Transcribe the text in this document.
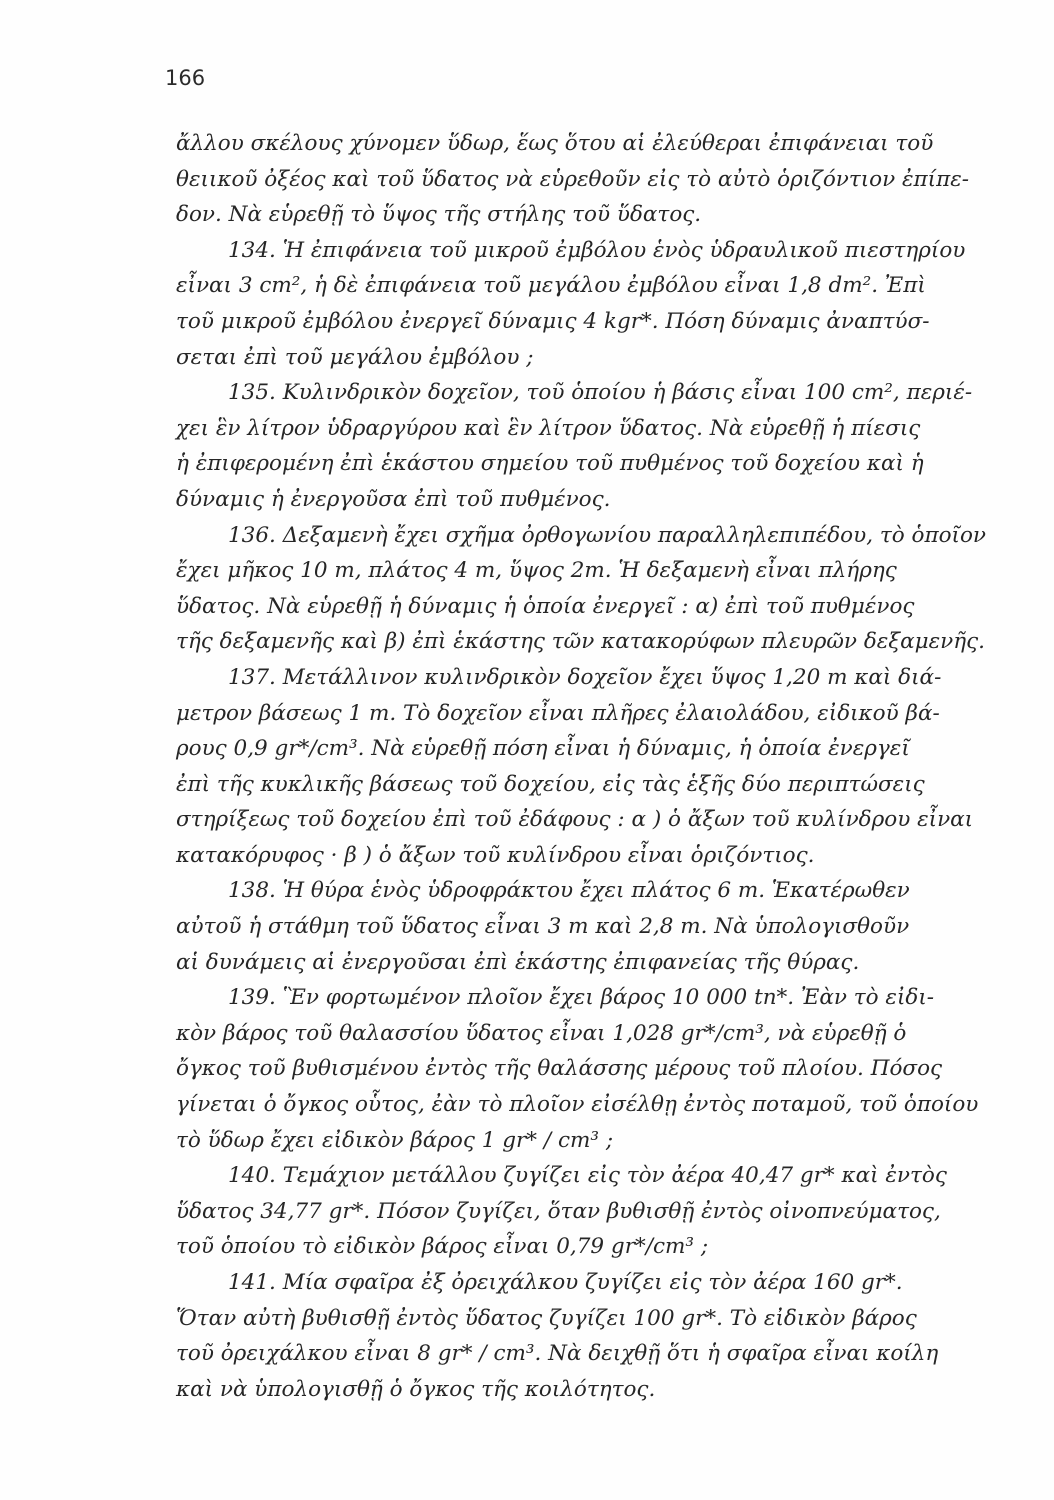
166
ἄλλου σκέλους χύνομεν ὕδωρ, ἕως ὅτου αἱ ἐλεύθεραι ἐπιφάνειαι τοῦ
θειικοῦ ὀξέος καὶ τοῦ ὕδατος νὰ εὑρεθοῦν εἰς τὸ αὐτὸ ὁριζόντιον ἐπίπε-
δον. Νὰ εὑρεθῇ τὸ ὕψος τῆς στήλης τοῦ ὕδατος.
134. Ἡ ἐπιφάνεια τοῦ μικροῦ ἐμβόλου ἑνὸς ὑδραυλικοῦ πιεστηρίου
εἶναι 3 cm², ἡ δὲ ἐπιφάνεια τοῦ μεγάλου ἐμβόλου εἶναι 1,8 dm². Ἐπὶ
τοῦ μικροῦ ἐμβόλου ἐνεργεῖ δύναμις 4 kgr*. Πόση δύναμις ἀναπτύσ-
σεται ἐπὶ τοῦ μεγάλου ἐμβόλου ;
135. Κυλινδρικὸν δοχεῖον, τοῦ ὁποίου ἡ βάσις εἶναι 100 cm², περιέ-
χει ἓν λίτρον ὑδραργύρου καὶ ἓν λίτρον ὕδατος. Νὰ εὑρεθῇ ἡ πίεσις
ἡ ἐπιφερομένη ἐπὶ ἑκάστου σημείου τοῦ πυθμένος τοῦ δοχείου καὶ ἡ
δύναμις ἡ ἐνεργοῦσα ἐπὶ τοῦ πυθμένος.
136. Δεξαμενὴ ἔχει σχῆμα ὀρθογωνίου παραλληλεπιπέδου, τὸ ὁποῖον
ἔχει μῆκος 10 m, πλάτος 4 m, ὕψος 2m. Ἡ δεξαμενὴ εἶναι πλήρης
ὕδατος. Νὰ εὑρεθῇ ἡ δύναμις ἡ ὁποία ἐνεργεῖ : α) ἐπὶ τοῦ πυθμένος
τῆς δεξαμενῆς καὶ β) ἐπὶ ἑκάστης τῶν κατακορύφων πλευρῶν δεξαμενῆς.
137. Μετάλλινον κυλινδρικὸν δοχεῖον ἔχει ὕψος 1,20 m καὶ διά-
μετρον βάσεως 1 m. Τὸ δοχεῖον εἶναι πλῆρες ἐλαιολάδου, εἰδικοῦ βά-
ρους 0,9 gr*/cm³. Νὰ εὑρεθῇ πόση εἶναι ἡ δύναμις, ἡ ὁποία ἐνεργεῖ
ἐπὶ τῆς κυκλικῆς βάσεως τοῦ δοχείου, εἰς τὰς ἑξῆς δύο περιπτώσεις
στηρίξεως τοῦ δοχείου ἐπὶ τοῦ ἐδάφους : α ) ὁ ἄξων τοῦ κυλίνδρου εἶναι
κατακόρυφος · β ) ὁ ἄξων τοῦ κυλίνδρου εἶναι ὁριζόντιος.
138. Ἡ θύρα ἑνὸς ὑδροφράκτου ἔχει πλάτος 6 m. Ἑκατέρωθεν
αὐτοῦ ἡ στάθμη τοῦ ὕδατος εἶναι 3 m καὶ 2,8 m. Νὰ ὑπολογισθοῦν
αἱ δυνάμεις αἱ ἐνεργοῦσαι ἐπὶ ἑκάστης ἐπιφανείας τῆς θύρας.
139. Ἓν φορτωμένον πλοῖον ἔχει βάρος 10 000 tn*. Ἐὰν τὸ εἰδι-
κὸν βάρος τοῦ θαλασσίου ὕδατος εἶναι 1,028 gr*/cm³, νὰ εὑρεθῇ ὁ
ὄγκος τοῦ βυθισμένου ἐντὸς τῆς θαλάσσης μέρους τοῦ πλοίου. Πόσος
γίνεται ὁ ὄγκος οὗτος, ἐὰν τὸ πλοῖον εἰσέλθῃ ἐντὸς ποταμοῦ, τοῦ ὁποίου
τὸ ὕδωρ ἔχει εἰδικὸν βάρος 1 gr* / cm³ ;
140. Τεμάχιον μετάλλου ζυγίζει εἰς τὸν ἀέρα 40,47 gr* καὶ ἐντὸς
ὕδατος 34,77 gr*. Πόσον ζυγίζει, ὅταν βυθισθῇ ἐντὸς οἰνοπνεύματος,
τοῦ ὁποίου τὸ εἰδικὸν βάρος εἶναι 0,79 gr*/cm³ ;
141. Μία σφαῖρα ἐξ ὀρειχάλκου ζυγίζει εἰς τὸν ἀέρα 160 gr*.
Ὅταν αὐτὴ βυθισθῇ ἐντὸς ὕδατος ζυγίζει 100 gr*. Τὸ εἰδικὸν βάρος
τοῦ ὀρειχάλκου εἶναι 8 gr* / cm³. Νὰ δειχθῇ ὅτι ἡ σφαῖρα εἶναι κοίλη
καὶ νὰ ὑπολογισθῇ ὁ ὄγκος τῆς κοιλότητος.
